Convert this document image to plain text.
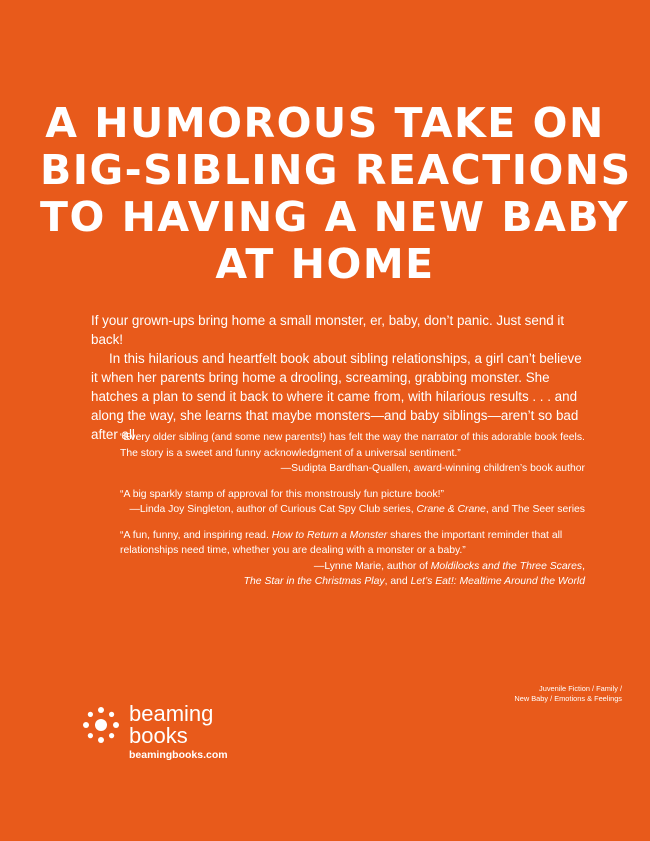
A HUMOROUS TAKE ON
BIG-SIBLING REACTIONS
TO HAVING A NEW BABY
AT HOME

If your grown-ups bring home a small monster, er, baby, don’t panic. Just send it back!

In this hilarious and heartfelt book about sibling relationships, a girl can’t believe it when her parents bring home a drooling, screaming, grabbing monster. She hatches a plan to send it back to where it came from, with hilarious results . . . and along the way, she learns that maybe monsters—and baby siblings—aren’t so bad after all.

“Every older sibling (and some new parents!) has felt the way the narrator of this adorable book feels. The story is a sweet and funny acknowledgment of a universal sentiment.”

—Sudipta Bardhan-Quallen, award-winning children’s book author

“A big sparkly stamp of approval for this monstrously fun picture book!”

—Linda Joy Singleton, author of Curious Cat Spy Club series, Crane & Crane, and The Seer series

“A fun, funny, and inspiring read. How to Return a Monster shares the important reminder that all relationships need time, whether you are dealing with a monster or a baby.”

—Lynne Marie, author of Moldilocks and the Three Scares,
The Star in the Christmas Play, and Let’s Eat!: Mealtime Around the World

Juvenile Fiction / Family /
New Baby / Emotions & Feelings
beaming
books
beamingbooks.com
